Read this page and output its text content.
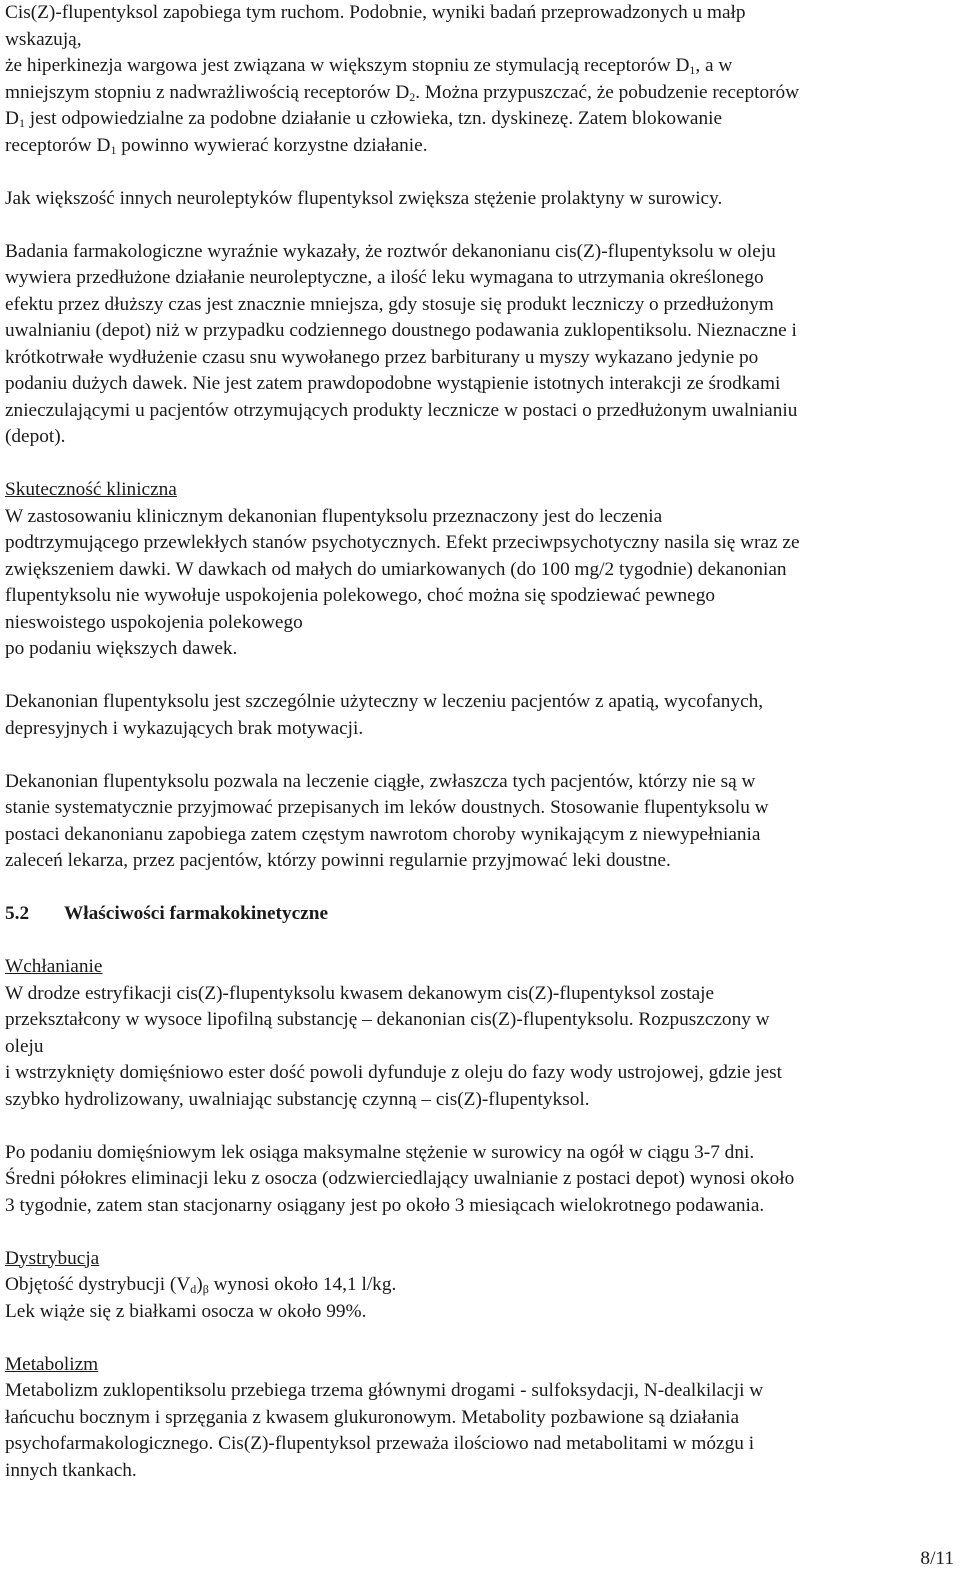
Cis(Z)-flupentyksol zapobiega tym ruchom. Podobnie, wyniki badań przeprowadzonych u małp
wskazują,
że hiperkinezja wargowa jest związana w większym stopniu ze stymulacją receptorów $D_1$, a w
mniejszym stopniu z nadwrażliwością receptorów $D_2$. Można przypuszczać, że pobudzenie receptorów
$D_1$ jest odpowiedzialne za podobne działanie u człowieka, tzn. dyskinezę. Zatem blokowanie
receptorów $D_1$ powinno wywierać korzystne działanie.
Jak większość innych neuroleptyków flupentyksol zwiększa stężenie prolaktyny w surowicy.
Badania farmakologiczne wyraźnie wykazały, że roztwór dekanonianu cis(Z)-flupentyksolu w oleju
wywiera przedłużone działanie neuroleptyczne, a ilość leku wymagana to utrzymania określonego
efektu przez dłuższy czas jest znacznie mniejsza, gdy stosuje się produkt leczniczy o przedłużonym
uwalnianiu (depot) niż w przypadku codziennego doustnego podawania zuklopentiksolu. Nieznaczne i
krótkotrwałe wydłużenie czasu snu wywołanego przez barbiturany u myszy wykazano jedynie po
podaniu dużych dawek. Nie jest zatem prawdopodobne wystąpienie istotnych interakcji ze środkami
znieczulającymi u pacjentów otrzymujących produkty lecznicze w postaci o przedłużonym uwalnianiu
(depot).
Skuteczność kliniczna
W zastosowaniu klinicznym dekanonian flupentyksolu przeznaczony jest do leczenia
podtrzymującego przewlekłych stanów psychotycznych. Efekt przeciwpsychotyczny nasila się wraz ze
zwiększeniem dawki. W dawkach od małych do umiarkowanych (do 100 mg/2 tygodnie) dekanonian
flupentyksolu nie wywołuje uspokojenia polekowego, choć można się spodziewać pewnego
nieswoistego uspokojenia polekowego
po podaniu większych dawek.
Dekanonian flupentyksolu jest szczególnie użyteczny w leczeniu pacjentów z apatią, wycofanych,
depresyjnych i wykazujących brak motywacji.
Dekanonian flupentyksolu pozwala na leczenie ciągłe, zwłaszcza tych pacjentów, którzy nie są w
stanie systematycznie przyjmować przepisanych im leków doustnych. Stosowanie flupentyksolu w
postaci dekanonianu zapobiega zatem częstym nawrotom choroby wynikającym z niewypełniania
zaleceń lekarza, przez pacjentów, którzy powinni regularnie przyjmować leki doustne.
5.2 Właściwości farmakokinetyczne
Wchłanianie
W drodze estryfikacji cis(Z)-flupentyksolu kwasem dekanowym cis(Z)-flupentyksol zostaje
przekształcony w wysoce lipofilną substancję – dekanonian cis(Z)-flupentyksolu. Rozpuszczony w
oleju
i wstrzyknięty domięśniowo ester dość powoli dyfunduje z oleju do fazy wody ustrojowej, gdzie jest
szybko hydrolizowany, uwalniając substancję czynną – cis(Z)-flupentyksol.
Po podaniu domięśniowym lek osiąga maksymalne stężenie w surowicy na ogół w ciągu 3-7 dni.
Średni półokres eliminacji leku z osocza (odzwierciedlający uwalnianie z postaci depot) wynosi około
3 tygodnie, zatem stan stacjonarny osiągany jest po około 3 miesiącach wielokrotnego podawania.
Dystrybucja
Objętość dystrybucji $(V_d)_\beta$ wynosi około 14,1 l/kg.
Lek wiąże się z białkami osocza w około 99%.
Metabolizm
Metabolizm zuklopentiksolu przebiega trzema głównymi drogami - sulfoksydacji, N-dealkilacji w
łańcuchu bocznym i sprzęgania z kwasem glukuronowym. Metabolity pozbawione są działania
psychofarmakologicznego. Cis(Z)-flupentyksol przeważa ilościowo nad metabolitami w mózgu i
innych tkankach.
8/11
